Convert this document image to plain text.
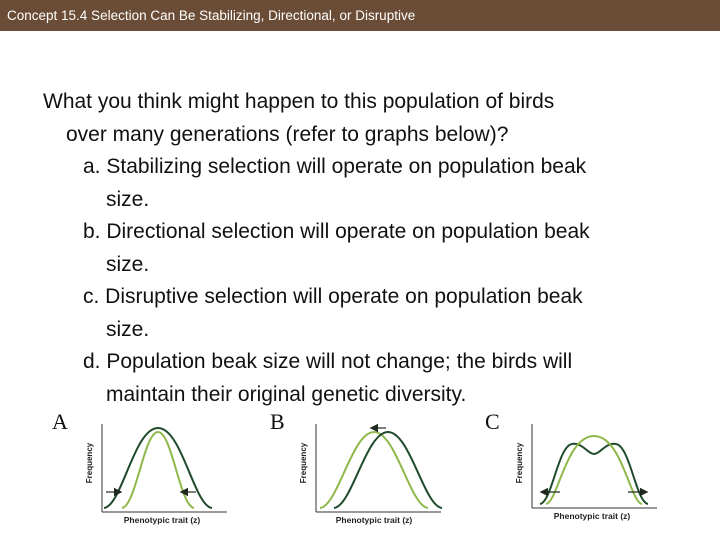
Concept 15.4 Selection Can Be Stabilizing, Directional, or Disruptive
What you think might happen to this population of birds
over many generations (refer to graphs below)?
a. Stabilizing selection will operate on population beak
size.
b. Directional selection will operate on population beak
size.
c. Disruptive selection will operate on population beak
size.
d. Population beak size will not change; the birds will
maintain their original genetic diversity.
A	B	C
Frequency
Phenotypic trait (z)
Frequency
Phenotypic trait (z)
Frequency
Phenotypic trait (z)
